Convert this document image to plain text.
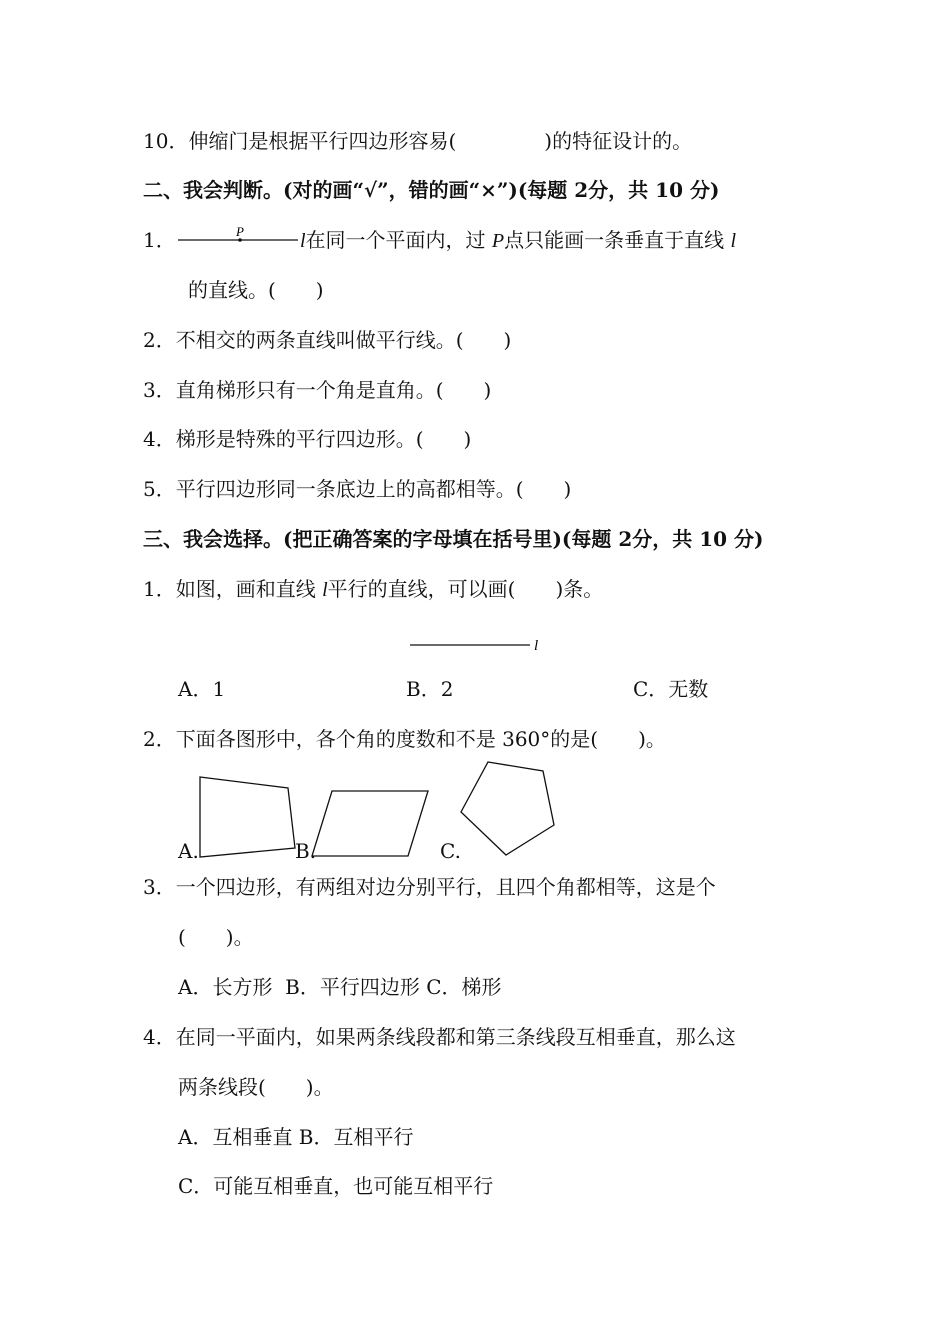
10．伸缩门是根据平行四边形容易(	)的特征设计的。
二、我会判断。(对的画“√”，错的画“×”)(每题 2分，共 10 分)
1．	P	l在同一个平面内，过 P点只能画一条垂直于直线 l
的直线。(　　)
2．不相交的两条直线叫做平行线。(　　)
3．直角梯形只有一个角是直角。(　　)
4．梯形是特殊的平行四边形。(　　)
5．平行四边形同一条底边上的高都相等。(　　)
三、我会选择。(把正确答案的字母填在括号里)(每题 2分，共 10 分)
1．如图，画和直线 l平行的直线，可以画(　　)条。
l
A．1	B．2	C．无数
2．下面各图形中，各个角的度数和不是 360°的是(　　)。
A.	B.	C.
3．一个四边形，有两组对边分别平行，且四个角都相等，这是个
(　　)。
A．长方形  B．平行四边形 C．梯形
4．在同一平面内，如果两条线段都和第三条线段互相垂直，那么这
两条线段(　　)。
A．互相垂直 B．互相平行
C．可能互相垂直，也可能互相平行
